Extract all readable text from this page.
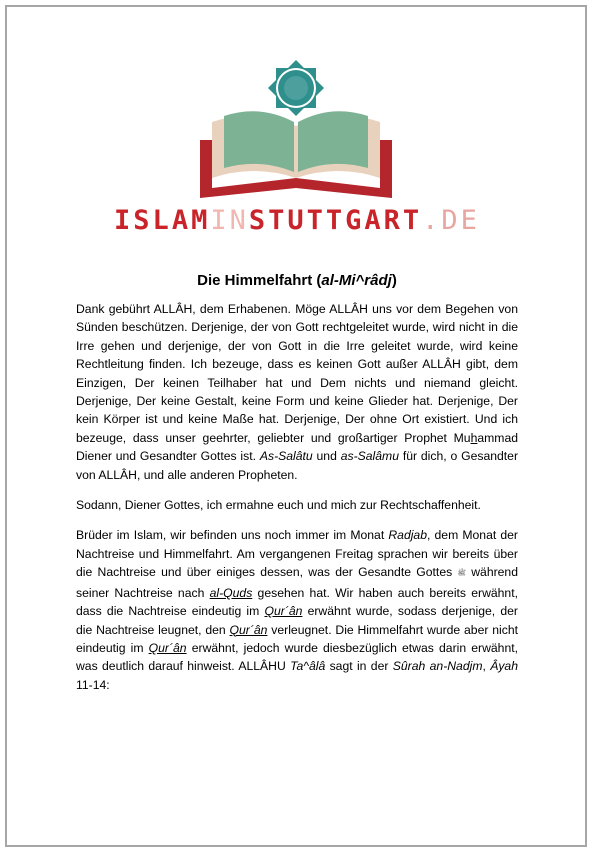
ISLAMINSTUTTGART.DE
Die Himmelfahrt (al-Mi^râdj)

Dank gebührt ALLÂH, dem Erhabenen. Möge ALLÂH uns vor dem Begehen von Sünden beschützen. Derjenige, der von Gott rechtgeleitet wurde, wird nicht in die Irre gehen und derjenige, der von Gott in die Irre geleitet wurde, wird keine Rechtleitung finden. Ich bezeuge, dass es keinen Gott außer ALLÂH gibt, dem Einzigen, Der keinen Teilhaber hat und Dem nichts und niemand gleicht. Derjenige, Der keine Gestalt, keine Form und keine Glieder hat. Derjenige, Der kein Körper ist und keine Maße hat. Derjenige, Der ohne Ort existiert. Und ich bezeuge, dass unser geehrter, geliebter und großartiger Prophet Muhammad Diener und Gesandter Gottes ist. As-Salâtu und as-Salâmu für dich, o Gesandter von ALLÂH, und alle anderen Propheten.

Sodann, Diener Gottes, ich ermahne euch und mich zur Rechtschaffenheit.

Brüder im Islam, wir befinden uns noch immer im Monat Radjab, dem Monat der Nachtreise und Himmelfahrt. Am vergangenen Freitag sprachen wir bereits über die Nachtreise und über einiges dessen, was der Gesandte Gottes ﷺ während seiner Nachtreise nach al-Quds gesehen hat. Wir haben auch bereits erwähnt, dass die Nachtreise eindeutig im Qur´ân erwähnt wurde, sodass derjenige, der die Nachtreise leugnet, den Qur´ân verleugnet. Die Himmelfahrt wurde aber nicht eindeutig im Qur´ân erwähnt, jedoch wurde diesbezüglich etwas darin erwähnt, was deutlich darauf hinweist. ALLÂHU Ta^âlâ sagt in der Sûrah an-Nadjm, Âyah 11-14:
